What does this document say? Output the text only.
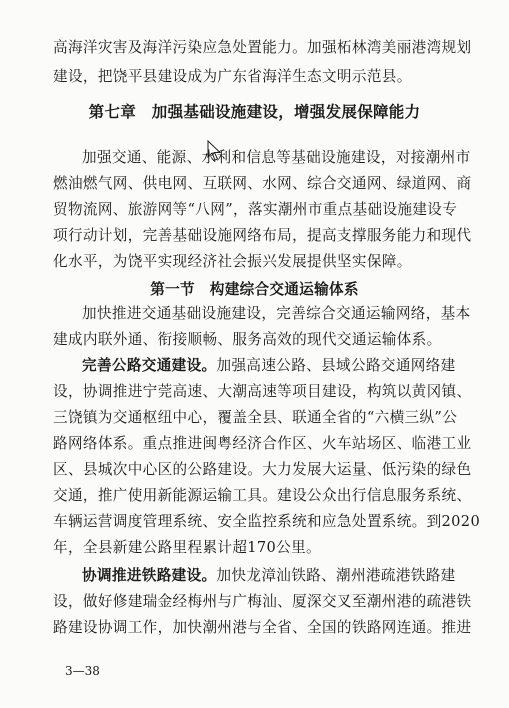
高海洋灾害及海洋污染应急处置能力。加强柘林湾美丽港湾规划
建设，把饶平县建设成为广东省海洋生态文明示范县。
第七章　加强基础设施建设，增强发展保障能力
加强交通、能源、水利和信息等基础设施建设，对接潮州市
燃油燃气网、供电网、互联网、水网、综合交通网、绿道网、商
贸物流网、旅游网等“八网”，落实潮州市重点基础设施建设专
项行动计划，完善基础设施网络布局，提高支撑服务能力和现代
化水平，为饶平实现经济社会振兴发展提供坚实保障。
第一节　构建综合交通运输体系
加快推进交通基础设施建设，完善综合交通运输网络，基本
建成内联外通、衔接顺畅、服务高效的现代交通运输体系。
完善公路交通建设。加强高速公路、县域公路交通网络建
设，协调推进宁莞高速、大潮高速等项目建设，构筑以黄冈镇、
三饶镇为交通枢纽中心，覆盖全县、联通全省的“六横三纵”公
路网络体系。重点推进闽粤经济合作区、火车站场区、临港工业
区、县城次中心区的公路建设。大力发展大运量、低污染的绿色
交通，推广使用新能源运输工具。建设公众出行信息服务系统、
车辆运营调度管理系统、安全监控系统和应急处置系统。到2020
年，全县新建公路里程累计超170公里。
协调推进铁路建设。加快龙漳汕铁路、潮州港疏港铁路建
设，做好修建瑞金经梅州与广梅汕、厦深交叉至潮州港的疏港铁
路建设协调工作，加快潮州港与全省、全国的铁路网连通。推进
3—38
